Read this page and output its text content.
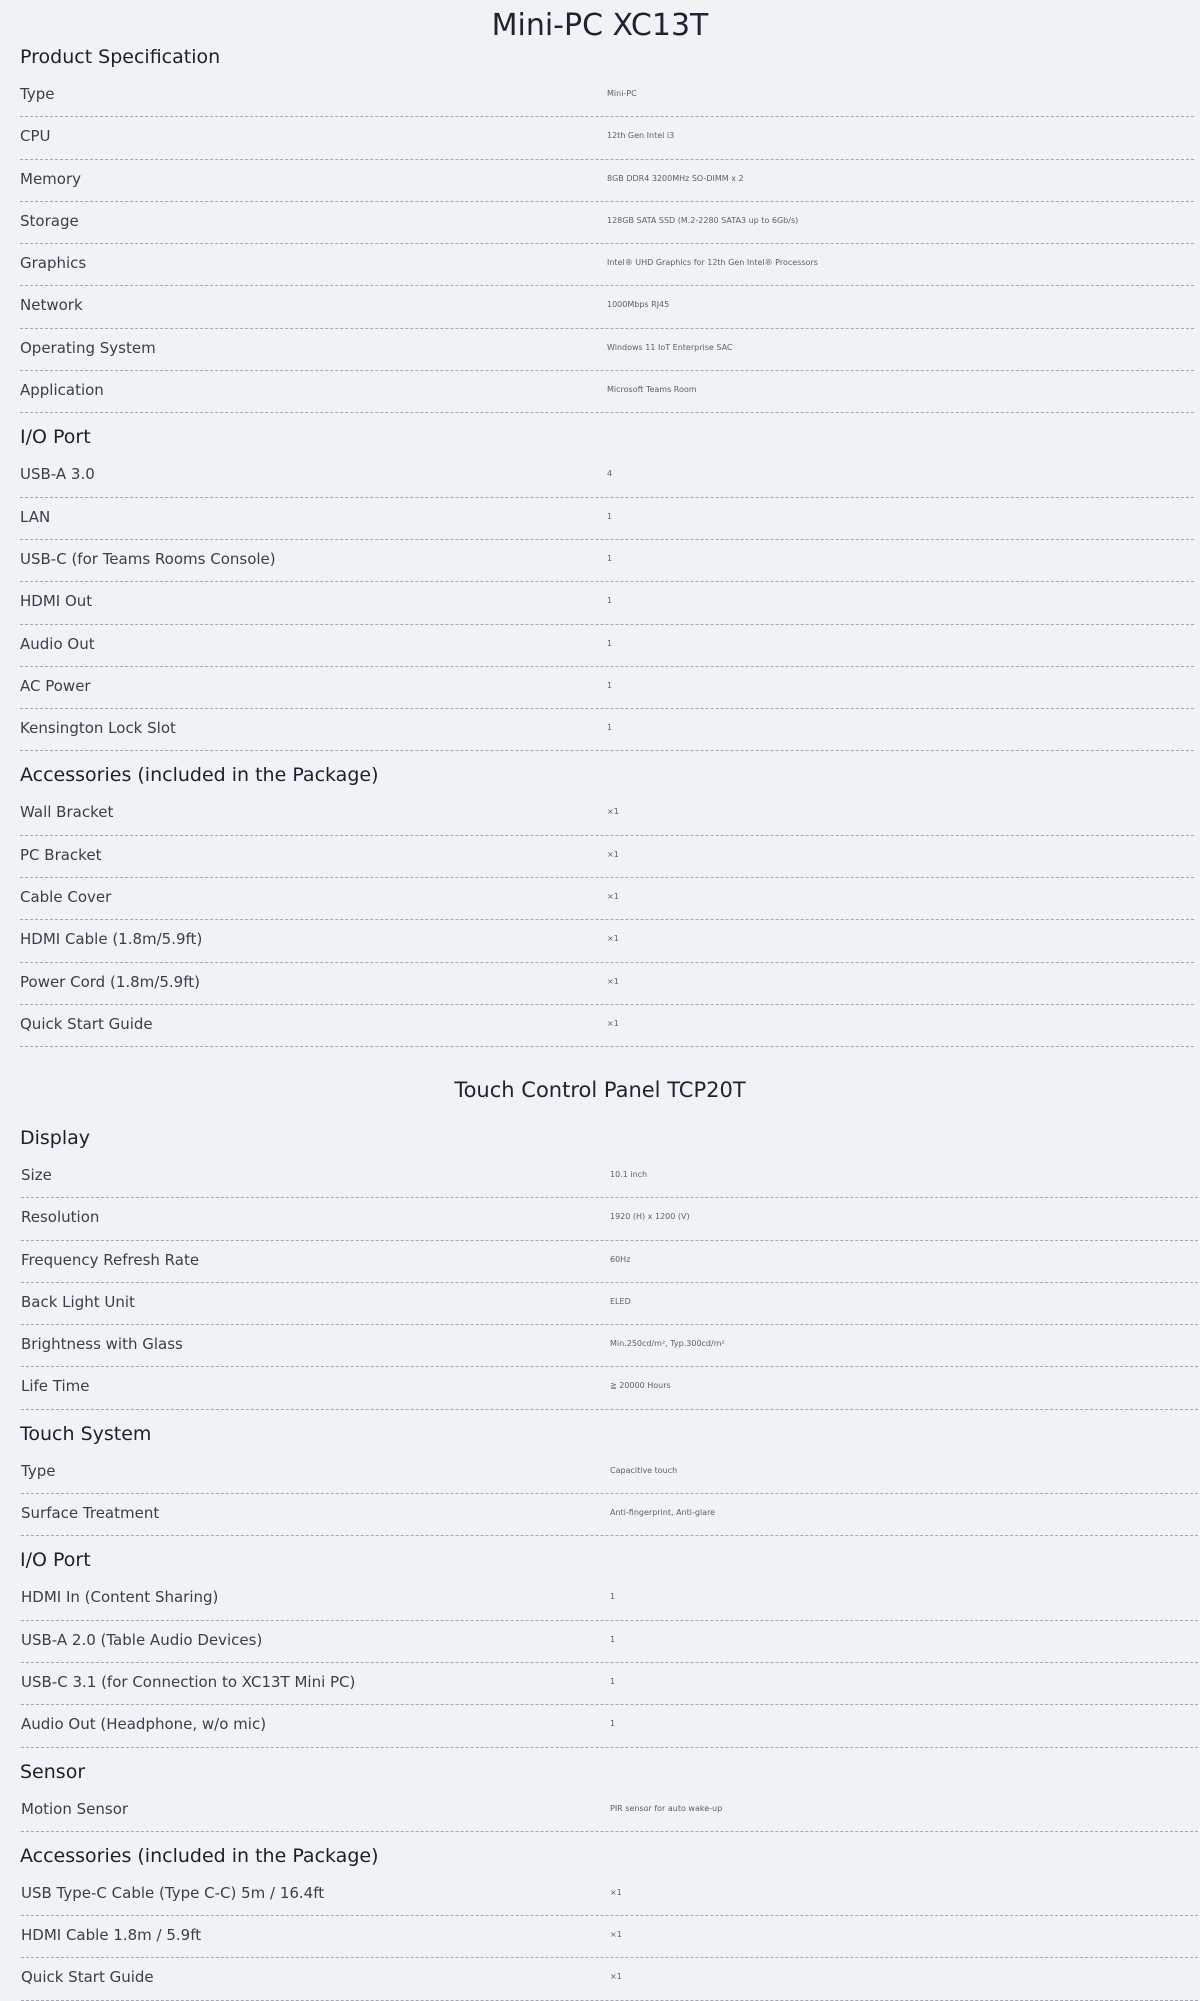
Mini-PC XC13T
Product Specification
Type	Mini-PC
CPU	12th Gen Intel i3
Memory	8GB DDR4 3200MHz SO-DIMM x 2
Storage	128GB SATA SSD (M.2-2280 SATA3 up to 6Gb/s)
Graphics	Intel® UHD Graphics for 12th Gen Intel® Processors
Network	1000Mbps RJ45
Operating System	Windows 11 IoT Enterprise SAC
Application	Microsoft Teams Room
I/O Port
USB-A 3.0	4
LAN	1
USB-C (for Teams Rooms Console)	1
HDMI Out	1
Audio Out	1
AC Power	1
Kensington Lock Slot	1
Accessories (included in the Package)
Wall Bracket	×1
PC Bracket	×1
Cable Cover	×1
HDMI Cable (1.8m/5.9ft)	×1
Power Cord (1.8m/5.9ft)	×1
Quick Start Guide	×1
Touch Control Panel TCP20T
Display
Size	10.1 inch
Resolution	1920 (H) x 1200 (V)
Frequency Refresh Rate	60Hz
Back Light Unit	ELED
Brightness with Glass	Min.250cd/m², Typ.300cd/m²
Life Time	≧ 20000 Hours
Touch System
Type	Capacitive touch
Surface Treatment	Anti-fingerprint, Anti-glare
I/O Port
HDMI In (Content Sharing)	1
USB-A 2.0 (Table Audio Devices)	1
USB-C 3.1 (for Connection to XC13T Mini PC)	1
Audio Out (Headphone, w/o mic)	1
Sensor
Motion Sensor	PIR sensor for auto wake-up
Accessories (included in the Package)
USB Type-C Cable (Type C-C) 5m / 16.4ft	×1
HDMI Cable 1.8m / 5.9ft	×1
Quick Start Guide	×1
